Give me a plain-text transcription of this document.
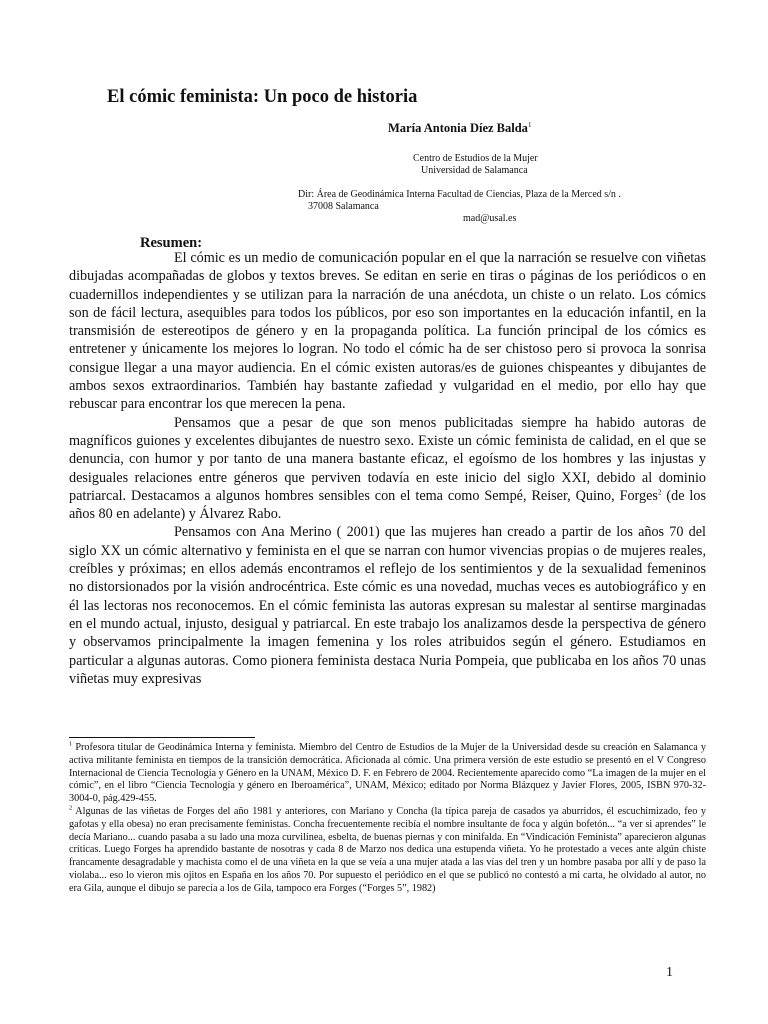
El cómic feminista: Un poco de historia
María Antonia Díez Balda$^1$
Centro de Estudios de la Mujer
Universidad de Salamanca
Dir: Área de Geodinámica Interna Facultad de Ciencias, Plaza de la Merced s/n .
37008 Salamanca
mad@usal.es
Resumen:

El cómic es un medio de comunicación popular en el que la narración se resuelve con viñetas dibujadas acompañadas de globos y textos breves. Se editan en serie en tiras o páginas de los periódicos o en cuadernillos independientes y se utilizan para la narración de una anécdota, un chiste o un relato. Los cómics son de fácil lectura, asequibles para todos los públicos, por eso son importantes en la educación infantil, en la transmisión de estereotipos de género y en la propaganda política. La función principal de los cómics es entretener y únicamente los mejores lo logran. No todo el cómic ha de ser chistoso pero si provoca la sonrisa consigue llegar a una mayor audiencia. En el cómic existen autoras/es de guiones chispeantes y dibujantes de ambos sexos extraordinarios. También hay bastante zafiedad y vulgaridad en el medio, por ello hay que rebuscar para encontrar los que merecen la pena.

Pensamos que a pesar de que son menos publicitadas siempre ha habido autoras de magníficos guiones y excelentes dibujantes de nuestro sexo. Existe un cómic feminista de calidad, en el que se denuncia, con humor y por tanto de una manera bastante eficaz, el egoísmo de los hombres y las injustas y desiguales relaciones entre géneros que perviven todavía en este inicio del siglo XXI, debido al dominio patriarcal. Destacamos a algunos hombres sensibles con el tema como Sempé, Reiser, Quino, Forges$^2$ (de los años 80 en adelante) y Álvarez Rabo.

Pensamos con Ana Merino ( 2001) que las mujeres han creado a partir de los años 70 del siglo XX un cómic alternativo y feminista en el que se narran con humor vivencias propias o de mujeres reales, creíbles y próximas; en ellos además encontramos el reflejo de los sentimientos y de la sexualidad femeninos no distorsionados por la visión androcéntrica. Este cómic es una novedad, muchas veces es autobiográfico y en él las lectoras nos reconocemos. En el cómic feminista las autoras expresan su malestar al sentirse marginadas en el mundo actual, injusto, desigual y patriarcal. En este trabajo los analizamos desde la perspectiva de género y observamos principalmente la imagen femenina y los roles atribuidos según el género. Estudiamos en particular a algunas autoras. Como pionera feminista destaca Nuria Pompeia, que publicaba en los años 70 unas viñetas muy expresivas

$^1$ Profesora titular de Geodinámica Interna y feminista. Miembro del Centro de Estudios de la Mujer de la Universidad desde su creación en Salamanca y activa militante feminista en tiempos de la transición democrática. Aficionada al cómic. Una primera versión de este estudio se presentó en el V Congreso Internacional de Ciencia Tecnología y Género en la UNAM, México D. F. en Febrero de 2004. Recientemente aparecido como “La imagen de la mujer en el cómic”, en el libro “Ciencia Tecnología y género en Iberoamérica”, UNAM, México; editado por Norma Blázquez y Javier Flores, 2005, ISBN 970-32-3004-0, pág.429-455.

$^2$ Algunas de las viñetas de Forges del año 1981 y anteriores, con Mariano y Concha (la típica pareja de casados ya aburridos, él escuchimizado, feo y gafotas y ella obesa) no eran precisamente feministas. Concha frecuentemente recibía el nombre insultante de foca y algún bofetón... “a ver si aprendes” le decía Mariano... cuando pasaba a su lado una moza curvilínea, esbelta, de buenas piernas y con minifalda. En “Vindicación Feminista” aparecieron algunas críticas. Luego Forges ha aprendido bastante de nosotras y cada 8 de Marzo nos dedica una estupenda viñeta. Yo he protestado a veces ante algún chiste francamente desagradable y machista como el de una viñeta en la que se veía a una mujer atada a las vías del tren y un hombre pasaba por allí y de paso la violaba... eso lo vieron mis ojitos en España en los años 70. Por supuesto el periódico en el que se publicó no contestó a mi carta, he olvidado al autor, no era Gila, aunque el dibujo se parecía a los de Gila, tampoco era Forges (“Forges 5”, 1982)

1
